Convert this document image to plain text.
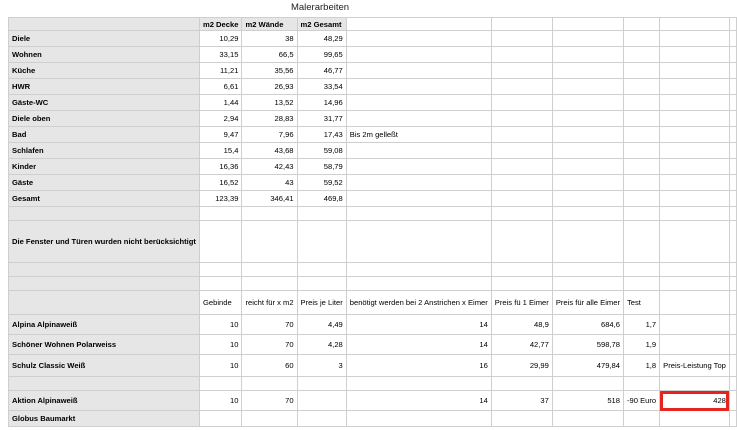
Malerarbeiten
	m2 Decke	m2 Wände	m2 Gesamt						
Diele	10,29	38	48,29						
Wohnen	33,15	66,5	99,65						
Küche	11,21	35,56	46,77						
HWR	6,61	26,93	33,54						
Gäste-WC	1,44	13,52	14,96						
Diele oben	2,94	28,83	31,77						
Bad	9,47	7,96	17,43	Bis 2m gelleßt					
Schlafen	15,4	43,68	59,08						
Kinder	16,36	42,43	58,79						
Gäste	16,52	43	59,52						
Gesamt	123,39	346,41	469,8						

Die Fenster und Türen wurden nicht berücksichtigt									

	Gebinde	reicht für x m2	Preis je Liter	benötigt werden bei 2 Anstrichen x Eimer	Preis fü 1 Eimer	Preis für alle Eimer	Test		
Alpina Alpinaweiß	10	70	4,49	14	48,9	684,6	1,7		
Schöner Wohnen Polarweiss	10	70	4,28	14	42,77	598,78	1,9		
Schulz Classic Weiß	10	60	3	16	29,99	479,84	1,8	Preis-Leistung Top	

Aktion Alpinaweiß	10	70		14	37	518	-90 Euro	428	
Globus Baumarkt									
